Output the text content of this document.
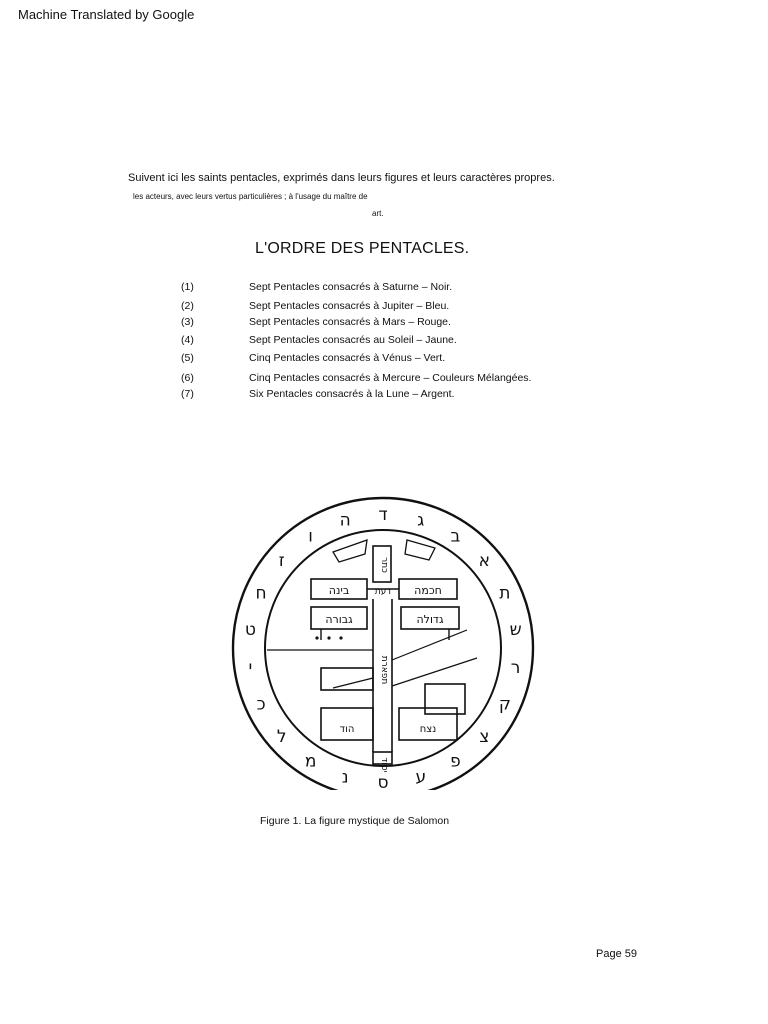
Machine Translated by Google
Suivent ici les saints pentacles, exprimés dans leurs figures et leurs caractères propres.
les acteurs, avec leurs vertus particulières ; à l'usage du maître de
art.
L'ORDRE DES PENTACLES.
(1)	Sept Pentacles consacrés à Saturne – Noir.
(2)	Sept Pentacles consacrés à Jupiter – Bleu.
(3)	Sept Pentacles consacrés à Mars – Rouge.
(4)	Sept Pentacles consacrés au Soleil – Jaune.
(5)	Cinq Pentacles consacrés à Vénus – Vert.
(6)	Cinq Pentacles consacrés à Mercure – Couleurs Mélangées.
(7)	Six Pentacles consacrés à la Lune – Argent.
א
ב
ג
ד
ה
ו
ז
ח
ט
י
כ
ל
מ
נ ס ע
פ
צ
ק
ר
ש
ת
בינה	חכמה
דעת
גבורה	גדולה
הוד	נצח
כתר
תפארת
יסוד
Figure 1. La figure mystique de Salomon
Page 59
